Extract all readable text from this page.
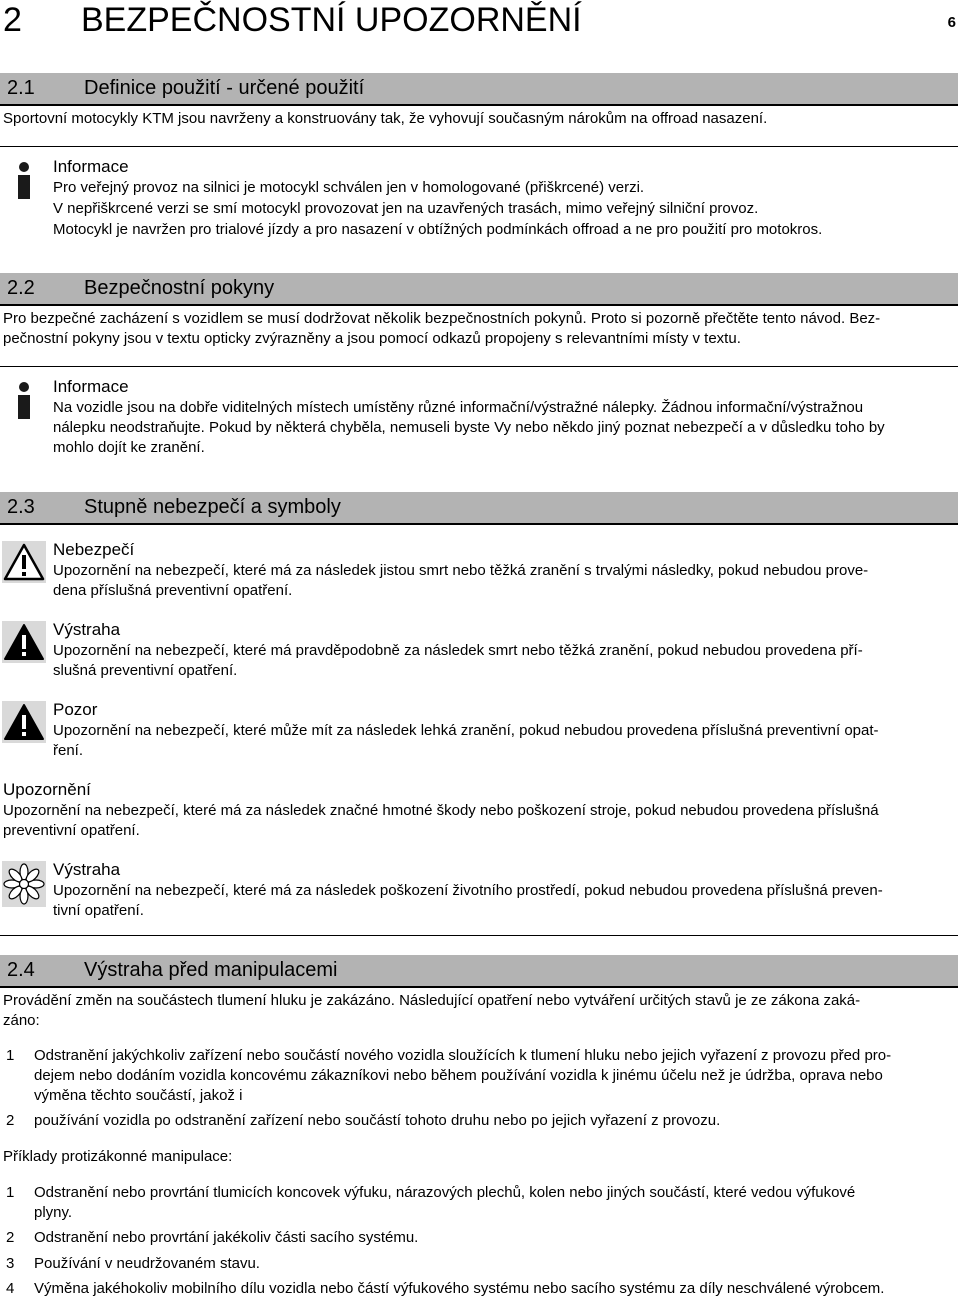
2 BEZPEČNOSTNÍ UPOZORNĚNÍ	6
2.1 Definice použití - určené použití
Sportovní motocykly KTM jsou navrženy a konstruovány tak, že vyhovují současným nárokům na offroad nasazení.
Informace
Pro veřejný provoz na silnici je motocykl schválen jen v homologované (přiškrcené) verzi.
V nepřiškrcené verzi se smí motocykl provozovat jen na uzavřených trasách, mimo veřejný silniční provoz.
Motocykl je navržen pro trialové jízdy a pro nasazení v obtížných podmínkách offroad a ne pro použití pro motokros.
2.2 Bezpečnostní pokyny
Pro bezpečné zacházení s vozidlem se musí dodržovat několik bezpečnostních pokynů. Proto si pozorně přečtěte tento návod. Bez-
pečnostní pokyny jsou v textu opticky zvýrazněny a jsou pomocí odkazů propojeny s relevantními místy v textu.
Informace
Na vozidle jsou na dobře viditelných místech umístěny různé informační/výstražné nálepky. Žádnou informační/výstražnou
nálepku neodstraňujte. Pokud by některá chyběla, nemuseli byste Vy nebo někdo jiný poznat nebezpečí a v důsledku toho by
mohlo dojít ke zranění.
2.3 Stupně nebezpečí a symboly
Nebezpečí
Upozornění na nebezpečí, které má za následek jistou smrt nebo těžká zranění s trvalými následky, pokud nebudou prove-
dena příslušná preventivní opatření.
Výstraha
Upozornění na nebezpečí, které má pravděpodobně za následek smrt nebo těžká zranění, pokud nebudou provedena pří-
slušná preventivní opatření.
Pozor
Upozornění na nebezpečí, které může mít za následek lehká zranění, pokud nebudou provedena příslušná preventivní opat-
ření.
Upozornění
Upozornění na nebezpečí, které má za následek značné hmotné škody nebo poškození stroje, pokud nebudou provedena příslušná
preventivní opatření.
Výstraha
Upozornění na nebezpečí, které má za následek poškození životního prostředí, pokud nebudou provedena příslušná preven-
tivní opatření.
2.4 Výstraha před manipulacemi
Provádění změn na součástech tlumení hluku je zakázáno. Následující opatření nebo vytváření určitých stavů je ze zákona zaká-
záno:
1 Odstranění jakýchkoliv zařízení nebo součástí nového vozidla sloužících k tlumení hluku nebo jejich vyřazení z provozu před pro-
dejem nebo dodáním vozidla koncovému zákazníkovi nebo během používání vozidla k jinému účelu než je údržba, oprava nebo
výměna těchto součástí, jakož i
2 používání vozidla po odstranění zařízení nebo součástí tohoto druhu nebo po jejich vyřazení z provozu.
Příklady protizákonné manipulace:
1 Odstranění nebo provrtání tlumicích koncovek výfuku, nárazových plechů, kolen nebo jiných součástí, které vedou výfukové
plyny.
2 Odstranění nebo provrtání jakékoliv části sacího systému.
3 Používání v neudržovaném stavu.
4 Výměna jakéhokoliv mobilního dílu vozidla nebo částí výfukového systému nebo sacího systému za díly neschválené výrobcem.
